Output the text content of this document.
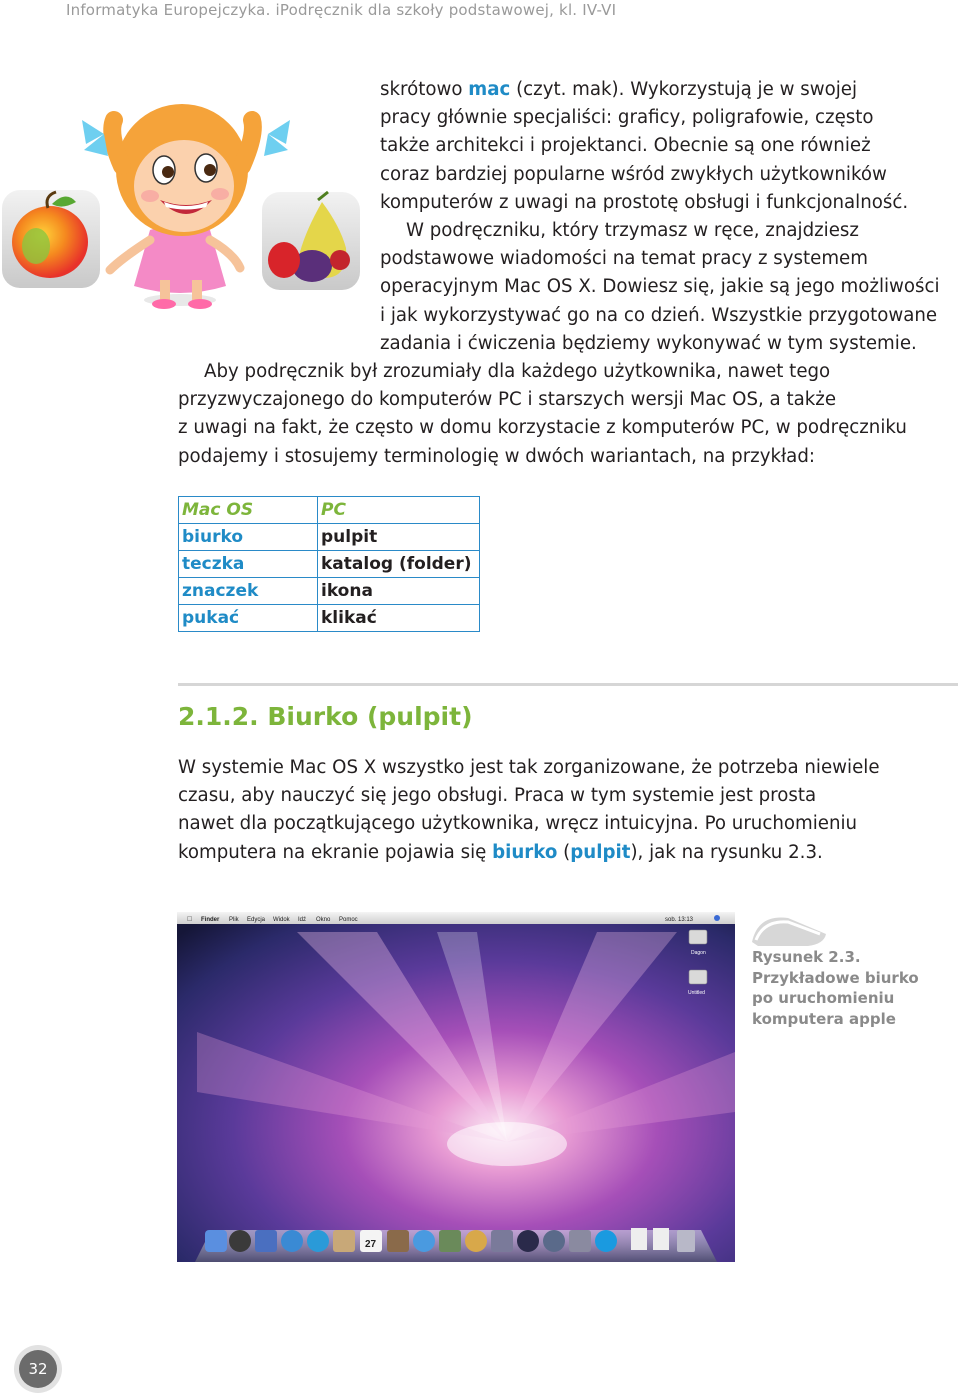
Informatyka Europejczyka. iPodręcznik dla szkoły podstawowej, kl. IV-VI
skrótowo mac (czyt. mak). Wykorzystują je w swojej
pracy głównie specjaliści: graficy, poligrafowie, często
także architekci i projektanci. Obecnie są one również
coraz bardziej popularne wśród zwykłych użytkowników
komputerów z uwagi na prostotę obsługi i funkcjonalność.
W podręczniku, który trzymasz w ręce, znajdziesz
podstawowe wiadomości na temat pracy z systemem
operacyjnym Mac OS X. Dowiesz się, jakie są jego możliwości
i jak wykorzystywać go na co dzień. Wszystkie przygotowane
zadania i ćwiczenia będziemy wykonywać w tym systemie.
Aby podręcznik był zrozumiały dla każdego użytkownika, nawet tego
przyzwyczajonego do komputerów PC i starszych wersji Mac OS, a także
z uwagi na fakt, że często w domu korzystacie z komputerów PC, w podręczniku
podajemy i stosujemy terminologię w dwóch wariantach, na przykład:
Mac OS	PC
biurko	pulpit
teczka	katalog (folder)
znaczek	ikona
pukać	klikać
2.1.2. Biurko (pulpit)
W systemie Mac OS X wszystko jest tak zorganizowane, że potrzeba niewiele
czasu, aby nauczyć się jego obsługi. Praca w tym systemie jest prosta
nawet dla początkującego użytkownika, wręcz intuicyjna. Po uruchomieniu
komputera na ekranie pojawia się biurko (pulpit), jak na rysunku 2.3.
Finder Plik Edycja Widok Idź Okno Pomoc	sob. 13:13
Dagon
Untitled
27
Rysunek 2.3.
Przykładowe biurko
po uruchomieniu
komputera apple
32
